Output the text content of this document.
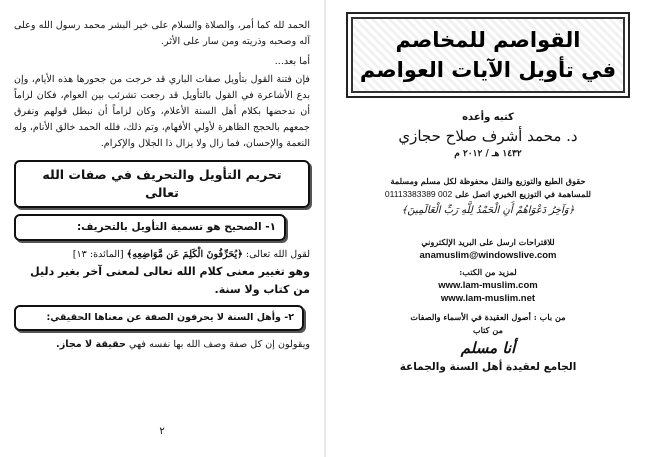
الحمد لله كما أمر، والصلاة والسلام على خير البشر محمد رسول الله وعلى آله وصحبه وذريته ومن سار على الأثر.

أما بعد...

فإن فتنة القول بتأويل صفات الباري قد خرجت من جحورها هذه الأيام، وإن بدع الأشاعرة في القول بالتأويل قد رجعت تشرئب بين العوام، فكان لزاماً أن ندحضها بكلام أهل السنة الأعلام، وكان لزاماً أن نبطل قولهم ونفرق جمعهم بالحجج الظاهرة لأولي الأفهام، وتم ذلك، فلله الحمد خالق الأنام، وله النعمة والإحسان، فما زال ولا يزال ذا الجلال والإكرام.

تحريم التأويل والتحريف في صفات الله تعالى
١- الصحيح هو تسمية التأويل بالتحريف:

لقول الله تعالى: ﴿يُحَرِّفُونَ الْكَلِمَ عَن مَّوَاضِعِهِ﴾ [المائدة: ١٣]

وهو تغيير معنى كلام الله تعالى لمعنى آخر بغير دليل من كتاب ولا سنة.
٢- وأهل السنة لا يحرفون الصفة عن معناها الحقيقي:

ويقولون إن كل صفة وصف الله بها نفسه فهي حقيقة لا مجاز.

٢
القواصم للمخاصم
في تأويل الآيات العواصم
كتبه وأعده
د. محمد أشرف صلاح حجازي
١٤٣٢ هـ / ٢٠١٢ م
حقوق الطبع والتوزيع والنقل محفوظة لكل مسلم ومسلمة
للمساهمة في التوزيع الخيري اتصل على 002 01113383389
﴿وَآخِرُ دَعْوَاهُمْ أَنِ الْحَمْدُ لِلَّهِ رَبِّ الْعَالَمِينَ﴾
للاقتراحات ارسل على البريد الإلكتروني
anamuslim@windowslive.com
لمزيد من الكتب:
www.lam-muslim.com
www.lam-muslim.net
من باب : أصول العقيدة في الأسماء والصفات
من كتاب
أنا مسلم
الجامع لعقيدة أهل السنة والجماعة
